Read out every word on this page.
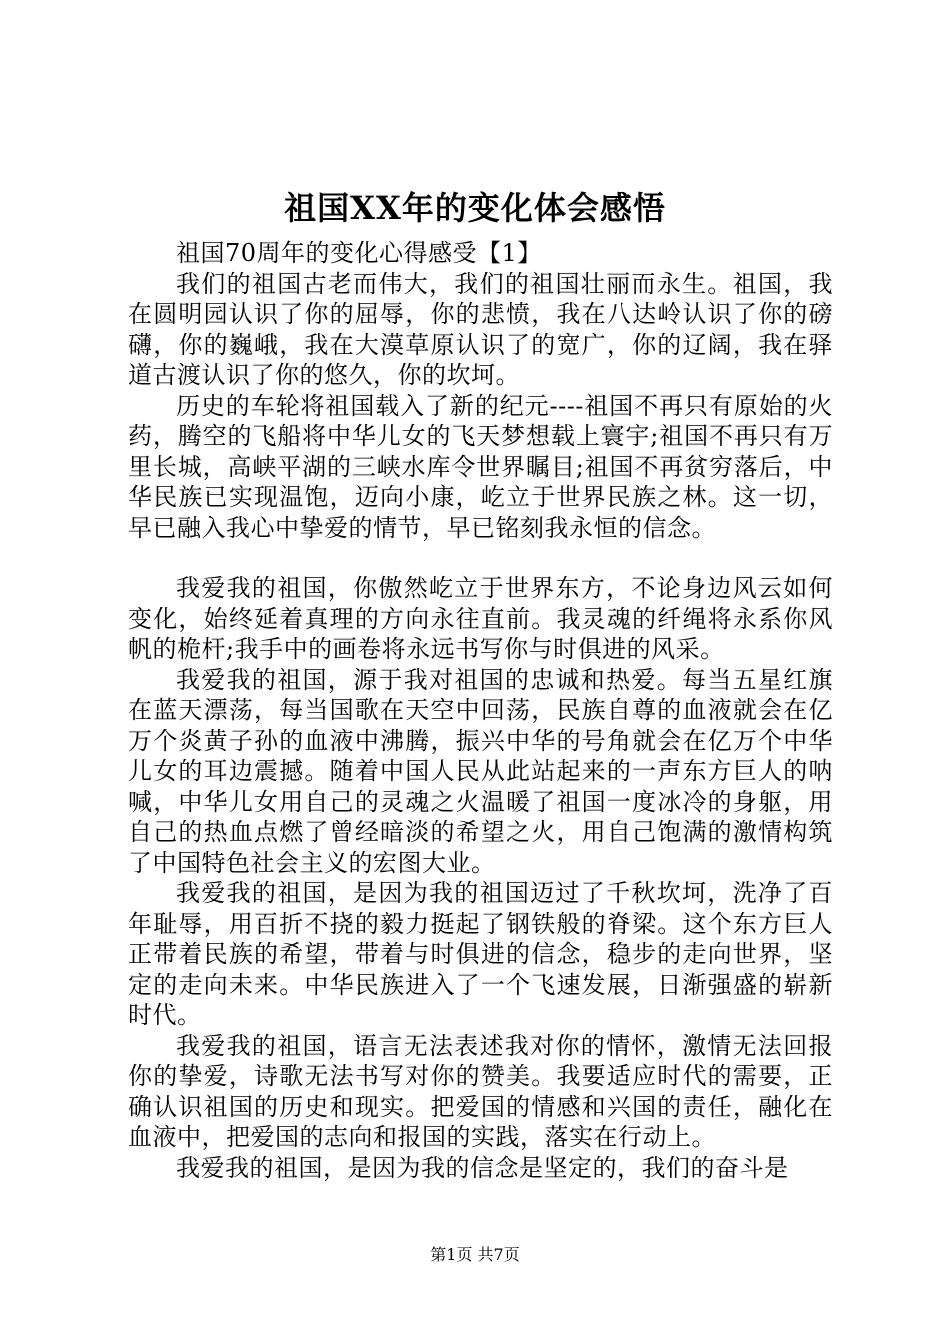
祖国XX年的变化体会感悟

祖国70周年的变化心得感受【1】

我们的祖国古老而伟大，我们的祖国壮丽而永生。祖国，我在圆明园认识了你的屈辱，你的悲愤，我在八达岭认识了你的磅礴，你的巍峨，我在大漠草原认识了的宽广，你的辽阔，我在驿道古渡认识了你的悠久，你的坎坷。

历史的车轮将祖国载入了新的纪元----祖国不再只有原始的火药，腾空的飞船将中华儿女的飞天梦想载上寰宇;祖国不再只有万里长城，高峡平湖的三峡水库令世界瞩目;祖国不再贫穷落后，中华民族已实现温饱，迈向小康，屹立于世界民族之林。这一切，早已融入我心中挚爱的情节，早已铭刻我永恒的信念。

我爱我的祖国，你傲然屹立于世界东方，不论身边风云如何变化，始终延着真理的方向永往直前。我灵魂的纤绳将永系你风帆的桅杆;我手中的画卷将永远书写你与时俱进的风采。

我爱我的祖国，源于我对祖国的忠诚和热爱。每当五星红旗在蓝天漂荡，每当国歌在天空中回荡，民族自尊的血液就会在亿万个炎黄子孙的血液中沸腾，振兴中华的号角就会在亿万个中华儿女的耳边震撼。随着中国人民从此站起来的一声东方巨人的呐喊，中华儿女用自己的灵魂之火温暖了祖国一度冰冷的身躯，用自己的热血点燃了曾经暗淡的希望之火，用自己饱满的激情构筑了中国特色社会主义的宏图大业。

我爱我的祖国，是因为我的祖国迈过了千秋坎坷，洗净了百年耻辱，用百折不挠的毅力挺起了钢铁般的脊梁。这个东方巨人正带着民族的希望，带着与时俱进的信念，稳步的走向世界，坚定的走向未来。中华民族进入了一个飞速发展，日渐强盛的崭新时代。

我爱我的祖国，语言无法表述我对你的情怀，激情无法回报你的挚爱，诗歌无法书写对你的赞美。我要适应时代的需要，正确认识祖国的历史和现实。把爱国的情感和兴国的责任，融化在血液中，把爱国的志向和报国的实践，落实在行动上。

我爱我的祖国，是因为我的信念是坚定的，我们的奋斗是

第1页 共7页
